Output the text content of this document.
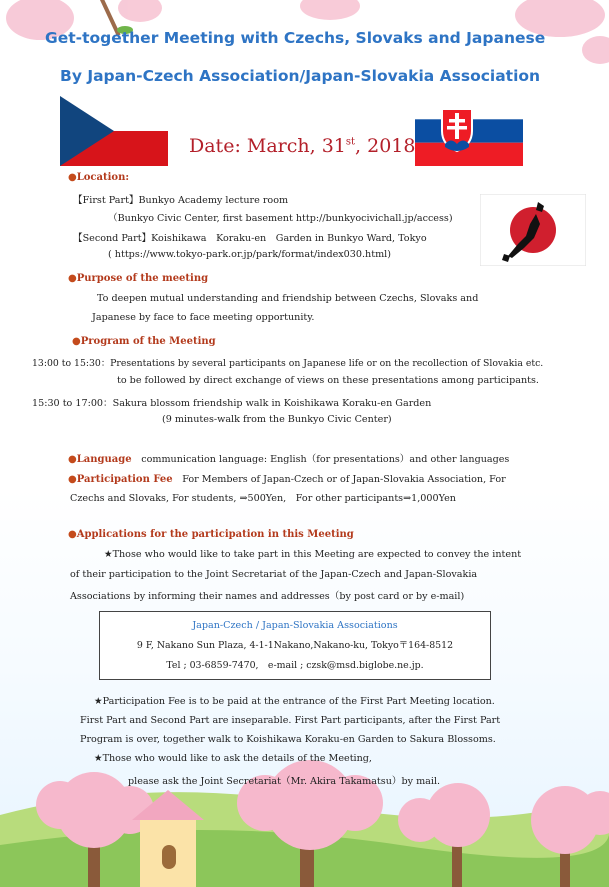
Get-together Meeting with Czechs, Slovaks and Japanese
By Japan-Czech Association/Japan-Slovakia Association
Date: March, 31st, 2018
●Location:
【First Part】Bunkyo Academy lecture room
（Bunkyo Civic Center, first basement http://bunkyocivichall.jp/access)
【Second Part】Koishikawa　Koraku-en　Garden in Bunkyo Ward, Tokyo
( https://www.tokyo-park.or.jp/park/format/index030.html)
●Purpose of the meeting
To deepen mutual understanding and friendship between Czechs, Slovaks and
Japanese by face to face meeting opportunity.
●Program of the Meeting
13:00 to 15:30：Presentations by several participants on Japanese life or on the recollection of Slovakia etc.
to be followed by direct exchange of views on these presentations among participants.
15:30 to 17:00：Sakura blossom friendship walk in Koishikawa Koraku-en Garden
(9 minutes-walk from the Bunkyo Civic Center)
●Language　 communication language: English（for presentations）and other languages
●Participation Fee　 For Members of Japan-Czech or of Japan-Slovakia Association, For
Czechs and Slovaks, For students, ⇒500Yen,　For other participants⇒1,000Yen
●Applications for the participation in this Meeting
★Those who would like to take part in this Meeting are expected to convey the intent
of their participation to the Joint Secretariat of the Japan-Czech and Japan-Slovakia
Associations by informing their names and addresses（by post card or by e-mail)
Japan-Czech / Japan-Slovakia Associations
9 F, Nakano Sun Plaza, 4-1-1Nakano,Nakano-ku, Tokyo〒164-8512
Tel ; 03-6859-7470,　e-mail ; czsk@msd.biglobe.ne.jp.
★Participation Fee is to be paid at the entrance of the First Part Meeting location.
First Part and Second Part are inseparable. First Part participants, after the First Part
Program is over, together walk to Koishikawa Koraku-en Garden to Sakura Blossoms.
★Those who would like to ask the details of the Meeting,
please ask the Joint Secretariat（Mr. Akira Takamatsu）by mail.
